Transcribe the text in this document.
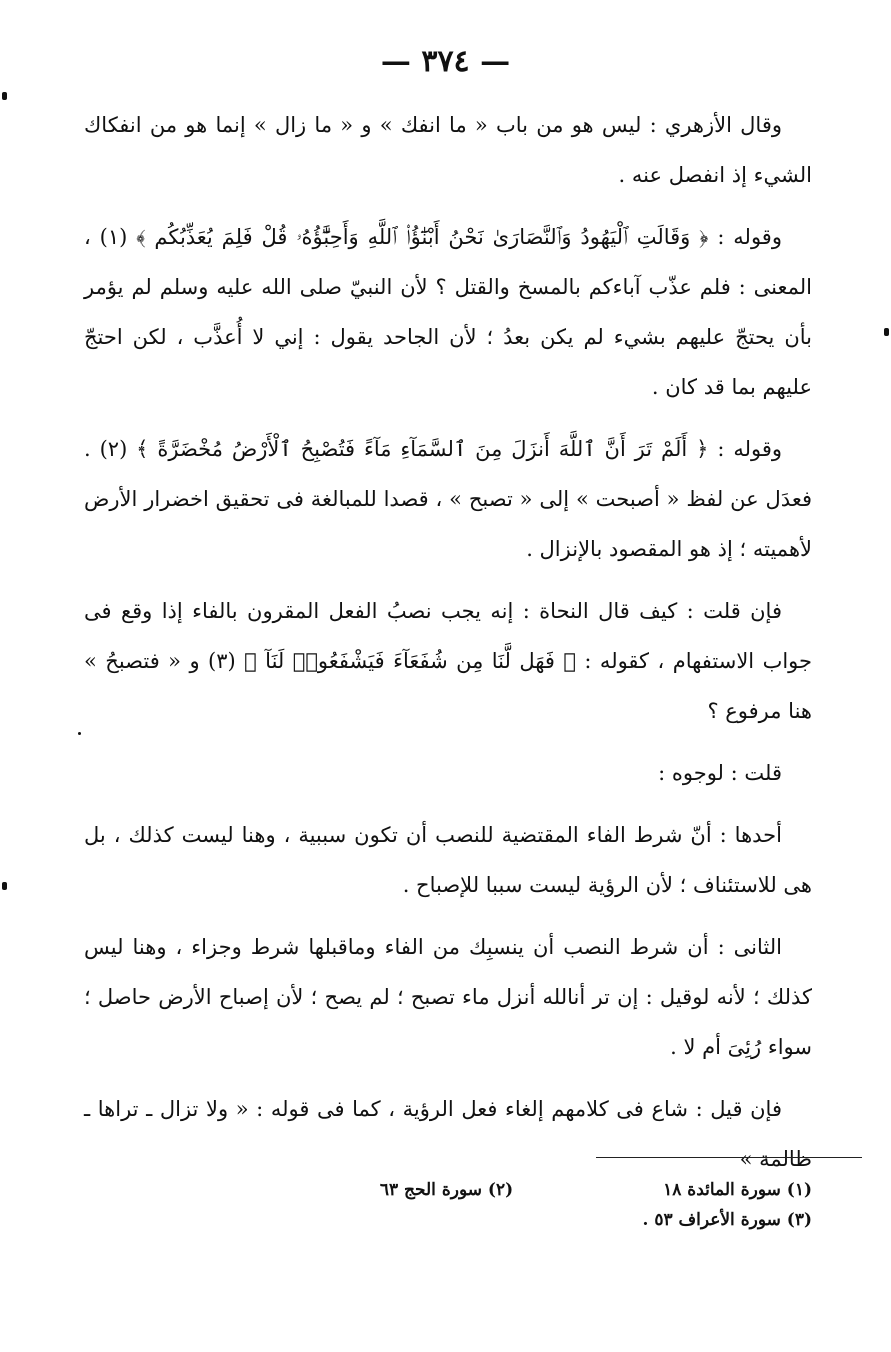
— ٣٧٤ —

وقال الأزهري : ليس هو من باب « ما انفك » و « ما زال » إنما هو من انفكاك الشيء إذ انفصل عنه .

وقوله : ﴿ وَقَالَتِ ٱلْيَهُودُ وَٱلنَّصَارَىٰ نَحْنُ أَبْنَٰٓؤُا۟ ٱللَّهِ وَأَحِبَّٰٓؤُهُۥ قُلْ فَلِمَ يُعَذِّبُكُم ﴾ (١) ، المعنى : فلم عذّب آباءكم بالمسخ والقتل ؟ لأن النبيّ صلى الله عليه وسلم لم يؤمر بأن يحتجّ عليهم بشيء لم يكن بعدُ ؛ لأن الجاحد يقول : إني لا أُعذَّب ، لكن احتجّ عليهم بما قد كان .

وقوله : ﴿ أَلَمْ تَرَ أَنَّ ٱللَّهَ أَنزَلَ مِنَ ٱلسَّمَآءِ مَآءً فَتُصْبِحُ ٱلْأَرْضُ مُخْضَرَّةً ﴾ (٢) . فعدَل عن لفظ « أصبحت » إلى « تصبح » ، قصدا للمبالغة فى تحقيق اخضرار الأرض لأهميته ؛ إذ هو المقصود بالإنزال .

فإن قلت : كيف قال النحاة : إنه يجب نصبُ الفعل المقرون بالفاء إذا وقع فى جواب الاستفهام ، كقوله : ﴿ فَهَل لَّنَا مِن شُفَعَآءَ فَيَشْفَعُوا۟ لَنَآ ﴾ (٣) و « فتصبحُ » هنا مرفوع ؟

قلت : لوجوه :

أحدها : أنّ شرط الفاء المقتضية للنصب أن تكون سببية ، وهنا ليست كذلك ، بل هى للاستئناف ؛ لأن الرؤية ليست سببا للإصباح .

الثانى : أن شرط النصب أن ينسبِك من الفاء وماقبلها شرط وجزاء ، وهنا ليس كذلك ؛ لأنه لوقيل : إن تر أنالله أنزل ماء تصبح ؛ لم يصح ؛ لأن إصباح الأرض حاصل ؛ سواء رُئِىَ أم لا .

فإن قيل : شاع فى كلامهم إلغاء فعل الرؤية ، كما فى قوله : « ولا تزال ـ تراها ـ ظالمة »

(١) سورة المائدة ١٨
(٢) سورة الحج ٦٣
(٣) سورة الأعراف ٥٣ .
